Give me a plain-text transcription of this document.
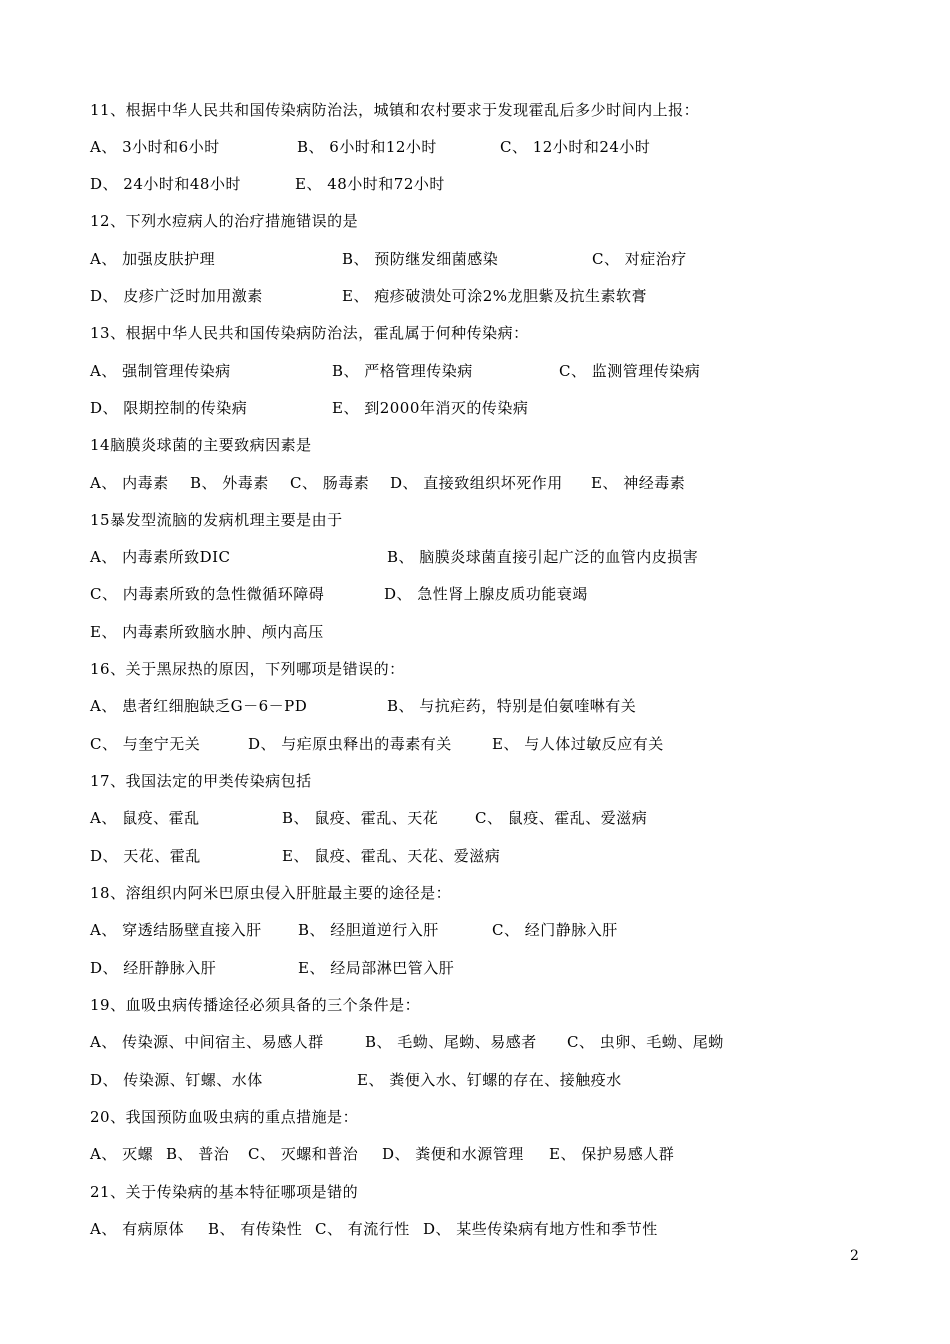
11、根据中华人民共和国传染病防治法，城镇和农村要求于发现霍乱后多少时间内上报：
A、 3小时和6小时	B、 6小时和12小时	C、 12小时和24小时
D、 24小时和48小时	E、 48小时和72小时
12、下列水痘病人的治疗措施错误的是
A、 加强皮肤护理	B、 预防继发细菌感染	C、 对症治疗
D、 皮疹广泛时加用激素	E、 疱疹破溃处可涂2%龙胆紫及抗生素软膏
13、根据中华人民共和国传染病防治法，霍乱属于何种传染病：
A、 强制管理传染病	B、 严格管理传染病	C、 监测管理传染病
D、 限期控制的传染病	E、 到2000年消灭的传染病
14脑膜炎球菌的主要致病因素是
A、 内毒素 B、 外毒素 C、 肠毒素 D、 直接致组织坏死作用 E、 神经毒素
15暴发型流脑的发病机理主要是由于
A、 内毒素所致DIC	B、 脑膜炎球菌直接引起广泛的血管内皮损害
C、 内毒素所致的急性微循环障碍	D、 急性肾上腺皮质功能衰竭
E、 内毒素所致脑水肿、颅内高压
16、关于黑尿热的原因，下列哪项是错误的：
A、 患者红细胞缺乏G－6－PD	B、 与抗疟药，特别是伯氨喹啉有关
C、 与奎宁无关	D、 与疟原虫释出的毒素有关	E、 与人体过敏反应有关
17、我国法定的甲类传染病包括
A、 鼠疫、霍乱	B、 鼠疫、霍乱、天花 C、 鼠疫、霍乱、爱滋病
D、 天花、霍乱	E、 鼠疫、霍乱、天花、爱滋病
18、溶组织内阿米巴原虫侵入肝脏最主要的途径是：
A、 穿透结肠壁直接入肝 B、 经胆道逆行入肝	C、 经门静脉入肝
D、 经肝静脉入肝	E、 经局部淋巴管入肝
19、血吸虫病传播途径必须具备的三个条件是：
A、 传染源、中间宿主、易感人群	B、 毛蚴、尾蚴、易感者 C、 虫卵、毛蚴、尾蚴
D、 传染源、钉螺、水体	E、 粪便入水、钉螺的存在、接触疫水
20、我国预防血吸虫病的重点措施是：
A、 灭螺 B、 普治 C、 灭螺和普治 D、 粪便和水源管理 E、 保护易感人群
21、关于传染病的基本特征哪项是错的
A、 有病原体 B、 有传染性 C、 有流行性 D、 某些传染病有地方性和季节性
2
